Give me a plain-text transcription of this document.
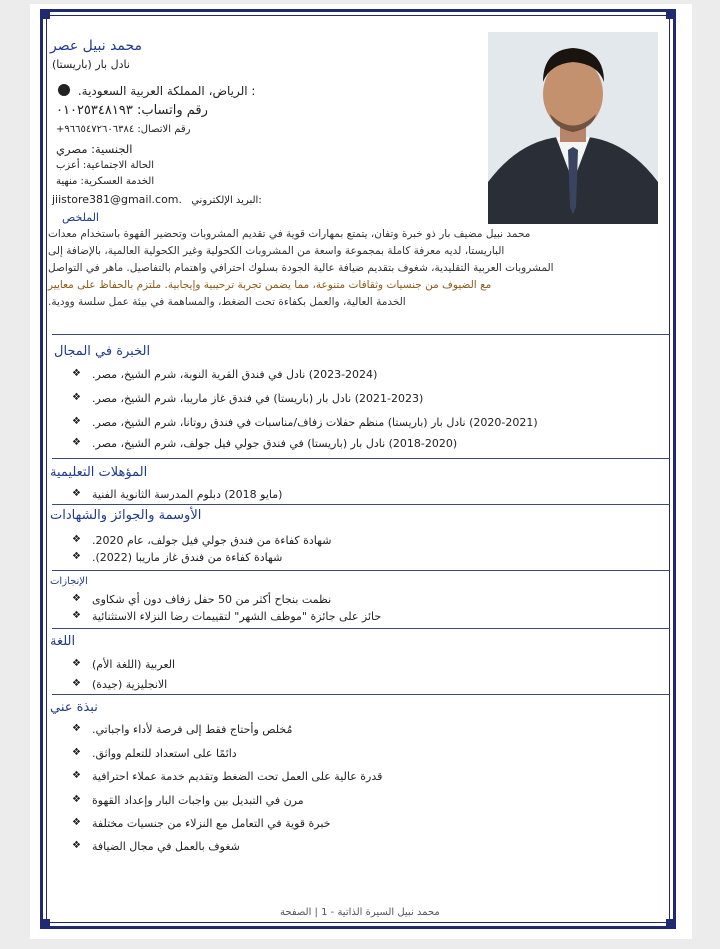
محمد نبيل عصر
نادل بار (باريستا)
: الرياض، المملكة العربية السعودية.
رقم واتساب: ٠١٠٢٥٣٤٨١٩٣
رقم الاتصال: ٩٦٦٥٤٧٢٦٠٦٣٨٤+
الجنسية: مصري
الحالة الاجتماعية: أعزب
الخدمة العسكرية: منهية
jiistore381@gmail.com. البريد الإلكتروني:
الملخص
محمد نبيل مضيف بار ذو خبرة وتفان، يتمتع بمهارات قوية في تقديم المشروبات وتحضير القهوة باستخدام معدات
الباريستا، لديه معرفة كاملة بمجموعة واسعة من المشروبات الكحولية وغير الكحولية العالمية، بالإضافة إلى
المشروبات العربية التقليدية، شغوف بتقديم ضيافة عالية الجودة بسلوك احترافي واهتمام بالتفاصيل. ماهر في التواصل
مع الضيوف من جنسيات وثقافات متنوعة، مما يضمن تجربة ترحيبية وإيجابية. ملتزم بالحفاظ على معايير
الخدمة العالية، والعمل بكفاءة تحت الضغط، والمساهمة في بيئة عمل سلسة وودية.
الخبرة في المجال
(2023-2024) نادل في فندق القرية النوبة، شرم الشيخ، مصر.
(2021-2023) نادل بار (باريستا) في فندق غاز ماريبا، شرم الشيخ، مصر.
(2020-2021) نادل بار (باريستا) منظم حفلات زفاف/مناسبات في فندق روتانا، شرم الشيخ، مصر.
(2018-2020) نادل بار (باريستا) في فندق جولي فيل جولف، شرم الشيخ، مصر.
❖
❖
❖
❖
المؤهلات التعليمية
(مايو 2018) دبلوم المدرسة الثانوية الفنية
❖
الأوسمة والجوائز والشهادات
شهادة كفاءة من فندق جولي فيل جولف، عام 2020.
شهادة كفاءة من فندق غاز ماريبا (2022).
❖
❖
الإنجازات
نظمت بنجاح أكثر من 50 حفل زفاف دون أي شكاوى
حائز على جائزة "موظف الشهر" لتقييمات رضا النزلاء الاستثنائية
❖
❖
اللغة
العربية (اللغة الأم)
الانجليزية (جيدة)
❖
❖
نبذة عني
مُخلص وأحتاج فقط إلى فرصة لأداء واجباتي.
دائمًا على استعداد للتعلم وواثق.
قدرة عالية على العمل تحت الضغط وتقديم خدمة عملاء احترافية
مرن في التبديل بين واجبات البار وإعداد القهوة
خبرة قوية في التعامل مع النزلاء من جنسيات مختلفة
شغوف بالعمل في مجال الضيافة
❖
❖
❖
❖
❖
❖
محمد نبيل السيرة الذاتية - 1 | الصفحة
